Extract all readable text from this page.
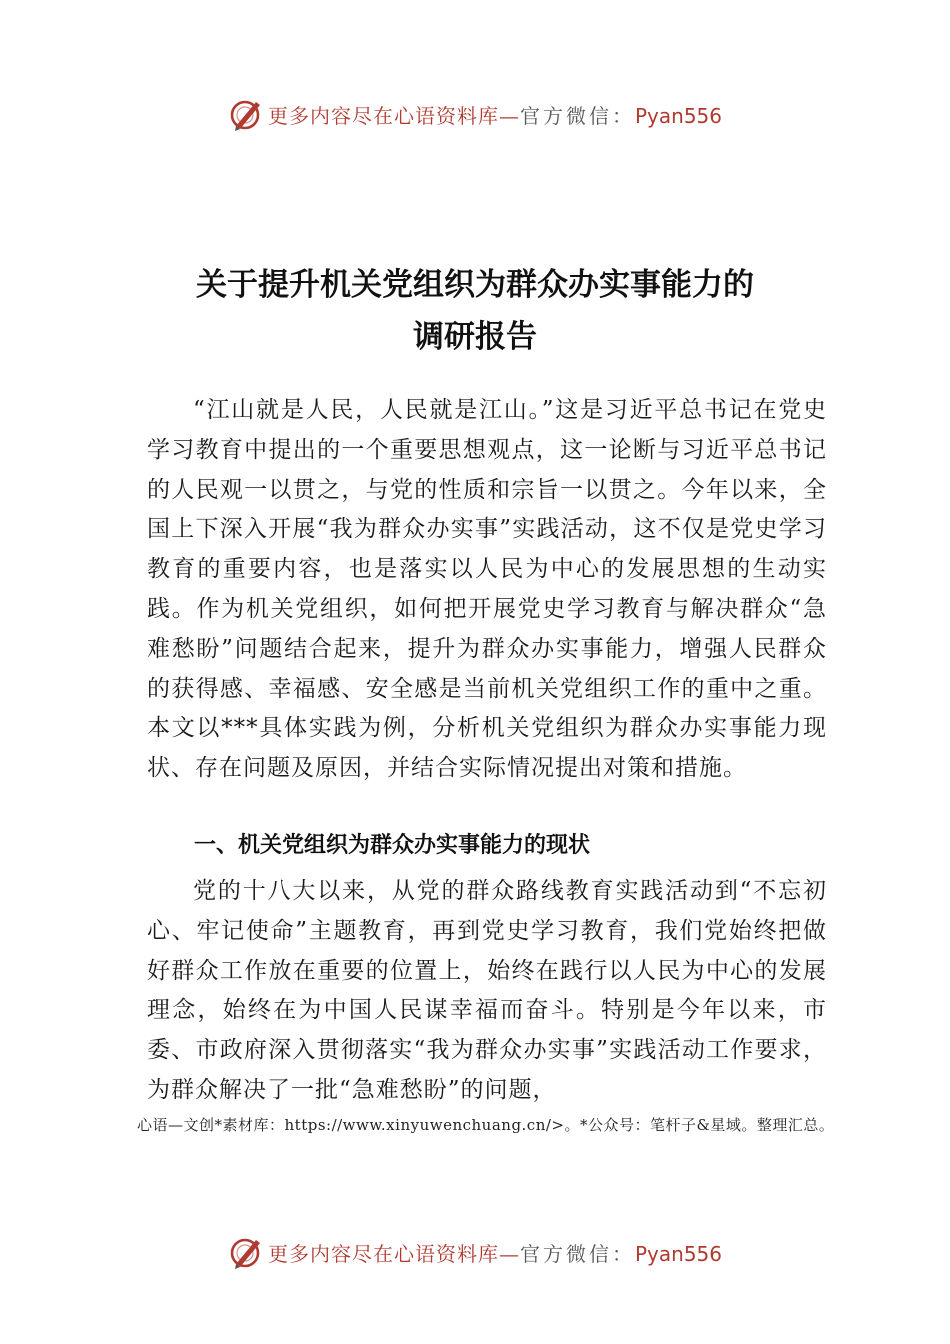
更多内容尽在心语资料库—官方微信：Pyan556
关于提升机关党组织为群众办实事能力的
调研报告

“江山就是人民，人民就是江山。”这是习近平总书记在党史学习教育中提出的一个重要思想观点，这一论断与习近平总书记的人民观一以贯之，与党的性质和宗旨一以贯之。今年以来，全国上下深入开展“我为群众办实事”实践活动，这不仅是党史学习教育的重要内容，也是落实以人民为中心的发展思想的生动实践。作为机关党组织，如何把开展党史学习教育与解决群众“急难愁盼”问题结合起来，提升为群众办实事能力，增强人民群众的获得感、幸福感、安全感是当前机关党组织工作的重中之重。本文以***具体实践为例，分析机关党组织为群众办实事能力现状、存在问题及原因，并结合实际情况提出对策和措施。

一、机关党组织为群众办实事能力的现状

党的十八大以来，从党的群众路线教育实践活动到“不忘初心、牢记使命”主题教育，再到党史学习教育，我们党始终把做好群众工作放在重要的位置上，始终在践行以人民为中心的发展理念，始终在为中国人民谋幸福而奋斗。特别是今年以来，市委、市政府深入贯彻落实“我为群众办实事”实践活动工作要求，为群众解决了一批“急难愁盼”的问题，

心语—文创*素材库：https://www.xinyuwenchuang.cn/>。*公众号：笔杆子&星域。整理汇总。

更多内容尽在心语资料库—官方微信：Pyan556
